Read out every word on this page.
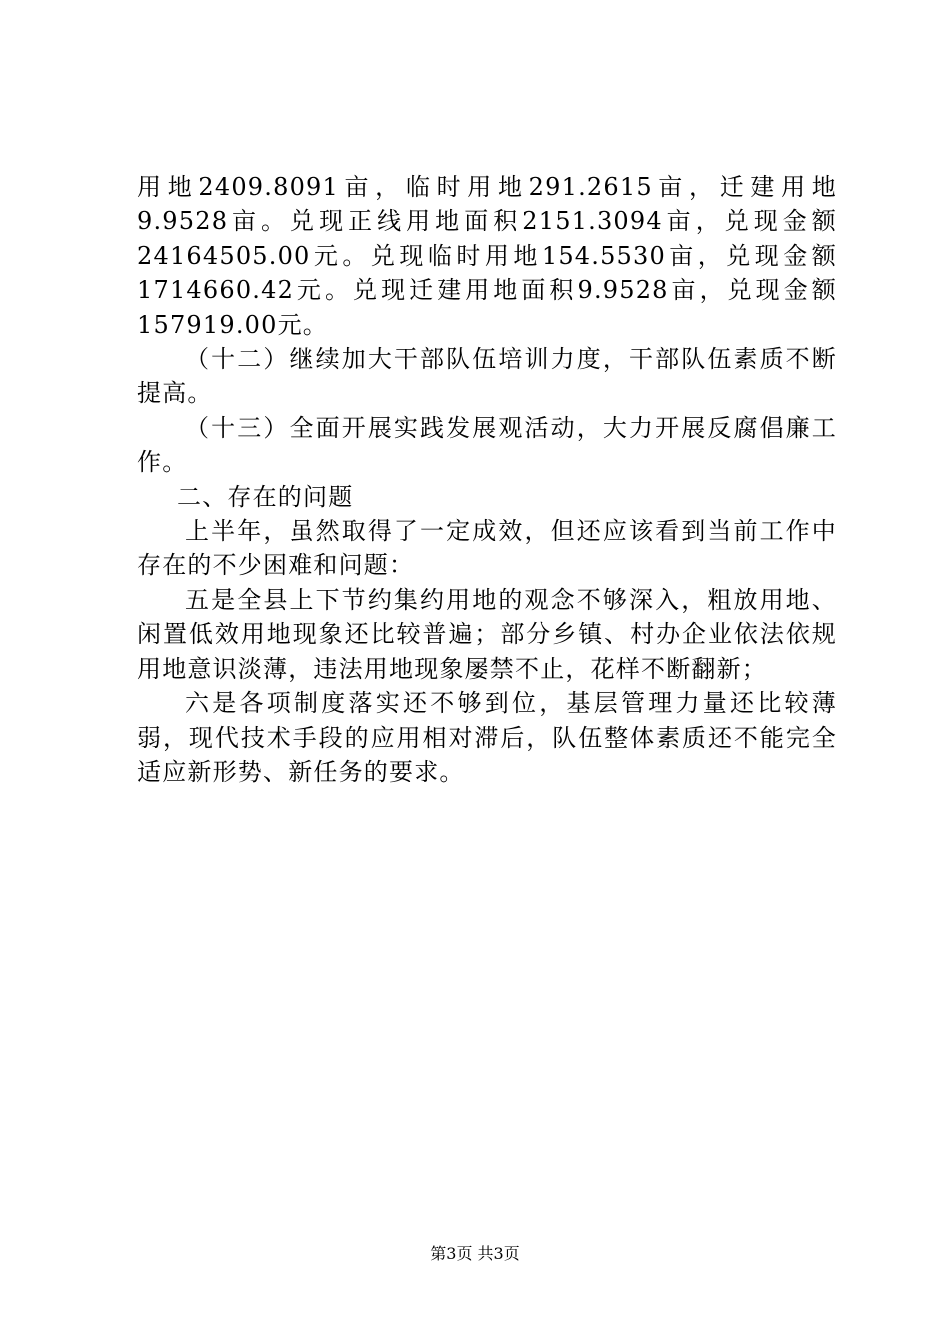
用地2409.8091亩，临时用地291.2615亩，迁建用地9.9528亩。兑现正线用地面积2151.3094亩，兑现金额24164505.00元。兑现临时用地154.5530亩，兑现金额1714660.42元。兑现迁建用地面积9.9528亩，兑现金额157919.00元。

（十二）继续加大干部队伍培训力度，干部队伍素质不断提高。

（十三）全面开展实践发展观活动，大力开展反腐倡廉工作。

二、存在的问题

上半年，虽然取得了一定成效，但还应该看到当前工作中存在的不少困难和问题：

五是全县上下节约集约用地的观念不够深入，粗放用地、闲置低效用地现象还比较普遍；部分乡镇、村办企业依法依规用地意识淡薄，违法用地现象屡禁不止，花样不断翻新；

六是各项制度落实还不够到位，基层管理力量还比较薄弱，现代技术手段的应用相对滞后，队伍整体素质还不能完全适应新形势、新任务的要求。

第3页 共3页
